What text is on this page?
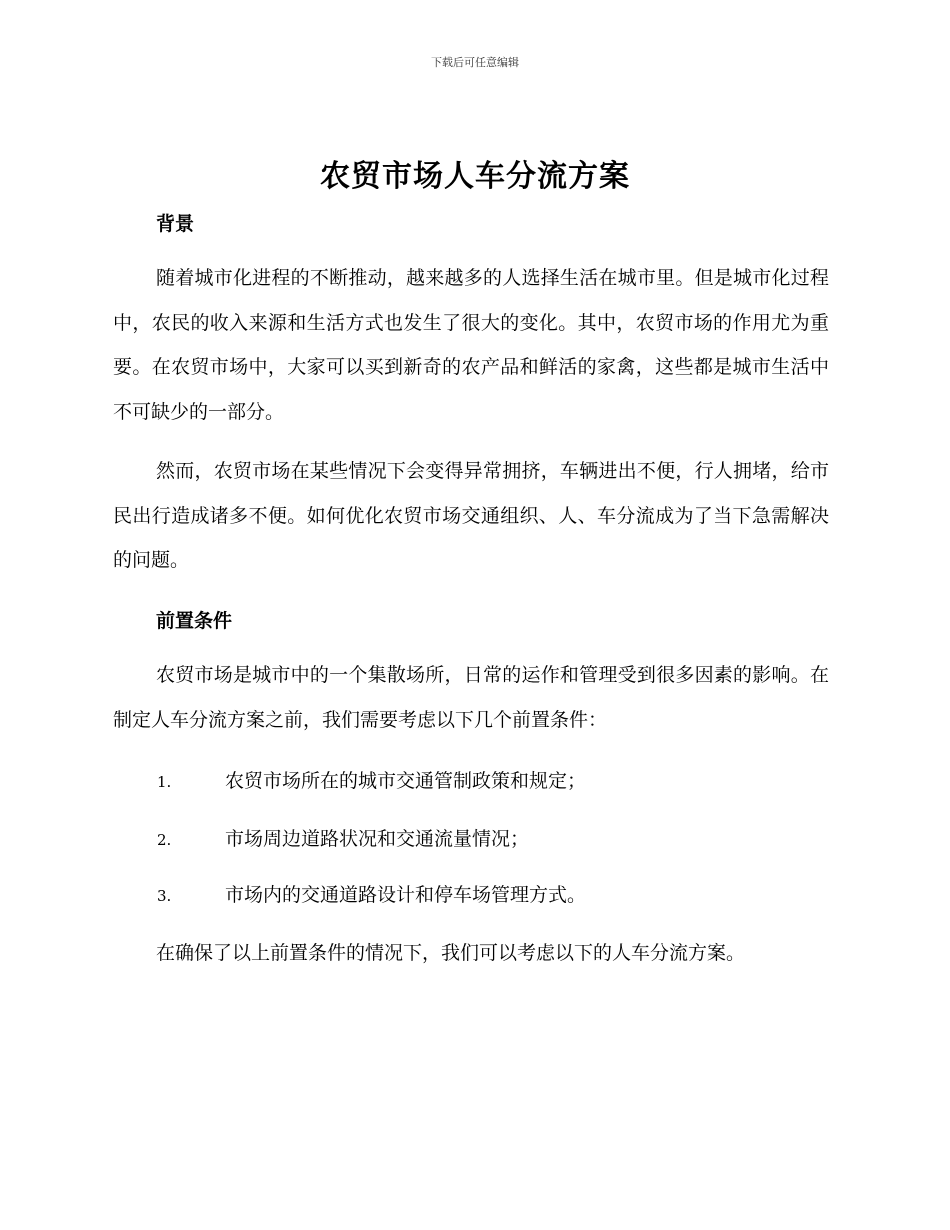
下载后可任意编辑
农贸市场人车分流方案
背景
随着城市化进程的不断推动，越来越多的人选择生活在城市里。但是城市化过程中，农民的收入来源和生活方式也发生了很大的变化。其中，农贸市场的作用尤为重要。在农贸市场中，大家可以买到新奇的农产品和鲜活的家禽，这些都是城市生活中不可缺少的一部分。
然而，农贸市场在某些情况下会变得异常拥挤，车辆进出不便，行人拥堵，给市民出行造成诸多不便。如何优化农贸市场交通组织、人、车分流成为了当下急需解决的问题。
前置条件
农贸市场是城市中的一个集散场所，日常的运作和管理受到很多因素的影响。在制定人车分流方案之前，我们需要考虑以下几个前置条件：
1.	农贸市场所在的城市交通管制政策和规定；
2.	市场周边道路状况和交通流量情况；
3.	市场内的交通道路设计和停车场管理方式。
在确保了以上前置条件的情况下，我们可以考虑以下的人车分流方案。
